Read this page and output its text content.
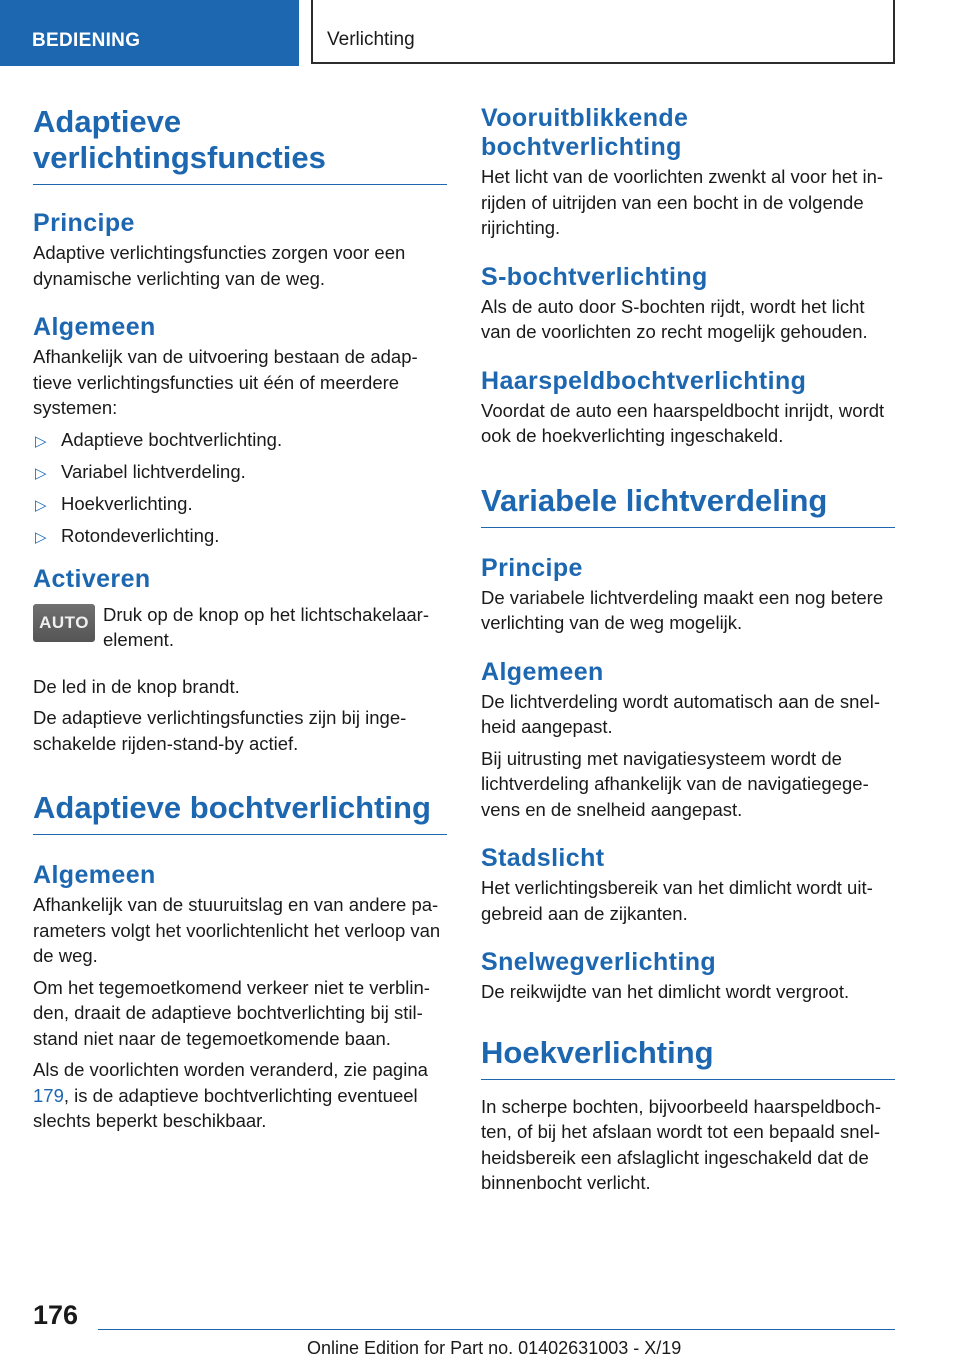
BEDIENING	Verlichting
Adaptieve verlichtingsfuncties
Principe
Adaptive verlichtingsfuncties zorgen voor een dynamische verlichting van de weg.
Algemeen
Afhankelijk van de uitvoering bestaan de adaptieve verlichtingsfuncties uit één of meerdere systemen:
▷ Adaptieve bochtverlichting.
▷ Variabel lichtverdeling.
▷ Hoekverlichting.
▷ Rotondeverlichting.
Activeren
AUTO Druk op de knop op het lichtschakelaarelement.
De led in de knop brandt.
De adaptieve verlichtingsfuncties zijn bij ingeschakelde rijden-stand-by actief.
Adaptieve bochtverlichting
Algemeen
Afhankelijk van de stuuruitslag en van andere parameters volgt het voorlichtenlicht het verloop van de weg.
Om het tegemoetkomend verkeer niet te verblinden, draait de adaptieve bochtverlichting bij stilstand niet naar de tegemoetkomende baan.
Als de voorlichten worden veranderd, zie pagina 179, is de adaptieve bochtverlichting eventueel slechts beperkt beschikbaar.
Vooruitblikkende bochtverlichting
Het licht van de voorlichten zwenkt al voor het inrijden of uitrijden van een bocht in de volgende rijrichting.
S-bochtverlichting
Als de auto door S-bochten rijdt, wordt het licht van de voorlichten zo recht mogelijk gehouden.
Haarspeldbochtverlichting
Voordat de auto een haarspeldbocht inrijdt, wordt ook de hoekverlichting ingeschakeld.
Variabele lichtverdeling
Principe
De variabele lichtverdeling maakt een nog betere verlichting van de weg mogelijk.
Algemeen
De lichtverdeling wordt automatisch aan de snelheid aangepast.
Bij uitrusting met navigatiesysteem wordt de lichtverdeling afhankelijk van de navigatiegegevens en de snelheid aangepast.
Stadslicht
Het verlichtingsbereik van het dimlicht wordt uitgebreid aan de zijkanten.
Snelwegverlichting
De reikwijdte van het dimlicht wordt vergroot.
Hoekverlichting
In scherpe bochten, bijvoorbeeld haarspeldbochten, of bij het afslaan wordt tot een bepaald snelheidsbereik een afslaglicht ingeschakeld dat de binnenbocht verlicht.
176
Online Edition for Part no. 01402631003 - X/19
